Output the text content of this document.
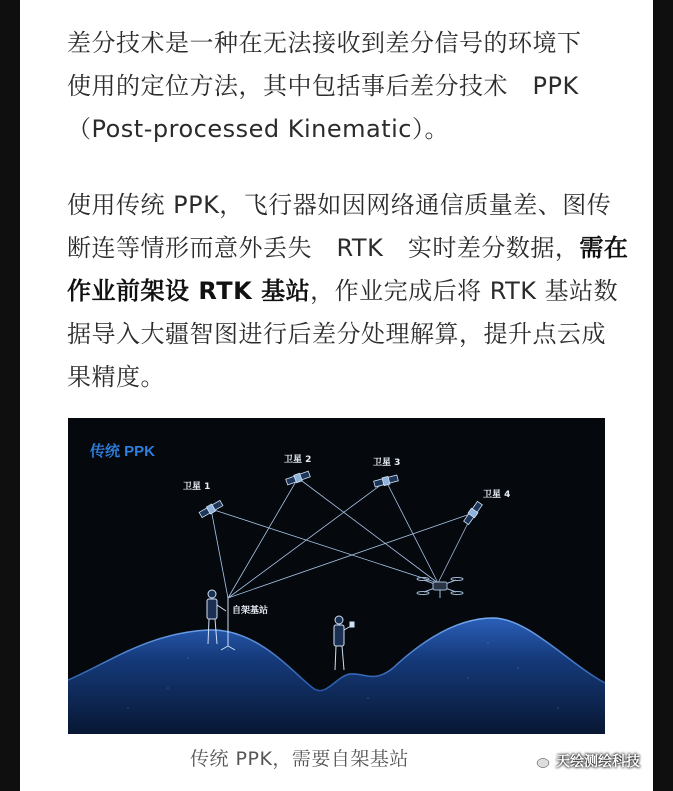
差分技术是一种在无法接收到差分信号的环境下
使用的定位方法，其中包括事后差分技术　PPK
（Post-processed Kinematic）。
使用传统 PPK，飞行器如因网络通信质量差、图传
断连等情形而意外丢失　RTK　实时差分数据，需在
作业前架设 RTK 基站，作业完成后将 RTK 基站数
据导入大疆智图进行后差分处理解算，提升点云成
果精度。
传统 PPK
卫星 1
卫星 2	卫星 3
卫星 4
自架基站
传统 PPK，需要自架基站	天绘测绘科技
